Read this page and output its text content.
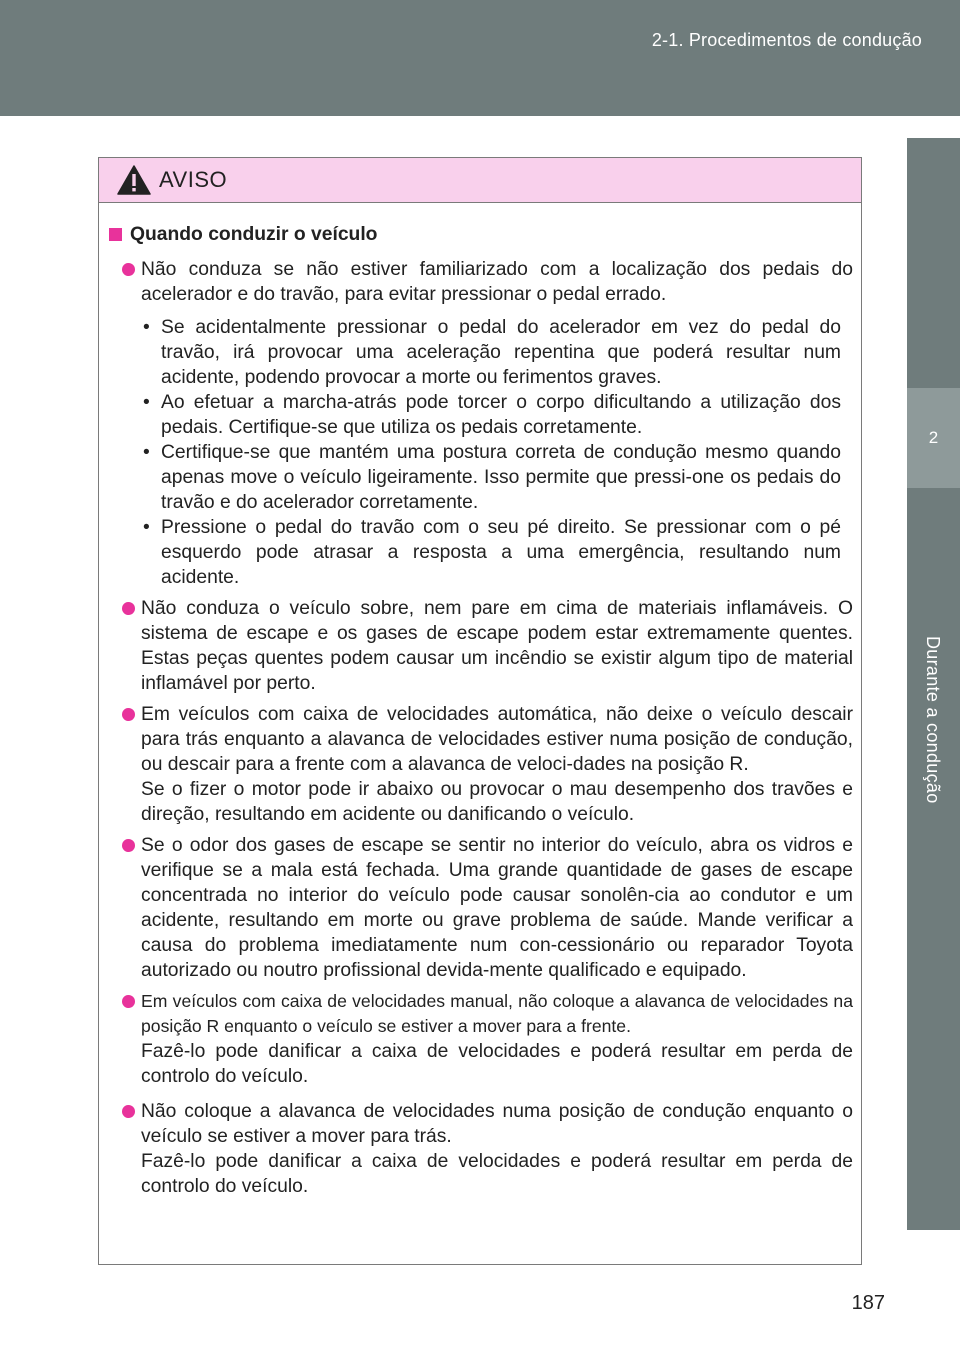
2-1. Procedimentos de condução
Durante a condução
2
AVISO
Quando conduzir o veículo

Não conduza se não estiver familiarizado com a localização dos pedais do acelerador e do travão, para evitar pressionar o pedal errado.

• Se acidentalmente pressionar o pedal do acelerador em vez do pedal do travão, irá provocar uma aceleração repentina que poderá resultar num acidente, podendo provocar a morte ou ferimentos graves.
• Ao efetuar a marcha-atrás pode torcer o corpo dificultando a utilização dos pedais. Certifique-se que utiliza os pedais corretamente.
• Certifique-se que mantém uma postura correta de condução mesmo quando apenas move o veículo ligeiramente. Isso permite que pressi-one os pedais do travão e do acelerador corretamente.
• Pressione o pedal do travão com o seu pé direito. Se pressionar com o pé esquerdo pode atrasar a resposta a uma emergência, resultando num acidente.

Não conduza o veículo sobre, nem pare em cima de materiais inflamáveis. O sistema de escape e os gases de escape podem estar extremamente quentes. Estas peças quentes podem causar um incêndio se existir algum tipo de material inflamável por perto.

Em veículos com caixa de velocidades automática, não deixe o veículo descair para trás enquanto a alavanca de velocidades estiver numa posição de condução, ou descair para a frente com a alavanca de veloci-dades na posição R.

Se o fizer o motor pode ir abaixo ou provocar o mau desempenho dos travões e direção, resultando em acidente ou danificando o veículo.

Se o odor dos gases de escape se sentir no interior do veículo, abra os vidros e verifique se a mala está fechada. Uma grande quantidade de gases de escape concentrada no interior do veículo pode causar sonolên-cia ao condutor e um acidente, resultando em morte ou grave problema de saúde. Mande verificar a causa do problema imediatamente num con-cessionário ou reparador Toyota autorizado ou noutro profissional devida-mente qualificado e equipado.

Em veículos com caixa de velocidades manual, não coloque a alavanca de velocidades na posição R enquanto o veículo se estiver a mover para a frente.

Fazê-lo pode danificar a caixa de velocidades e poderá resultar em perda de controlo do veículo.

Não coloque a alavanca de velocidades numa posição de condução enquanto o veículo se estiver a mover para trás.

Fazê-lo pode danificar a caixa de velocidades e poderá resultar em perda de controlo do veículo.

187
